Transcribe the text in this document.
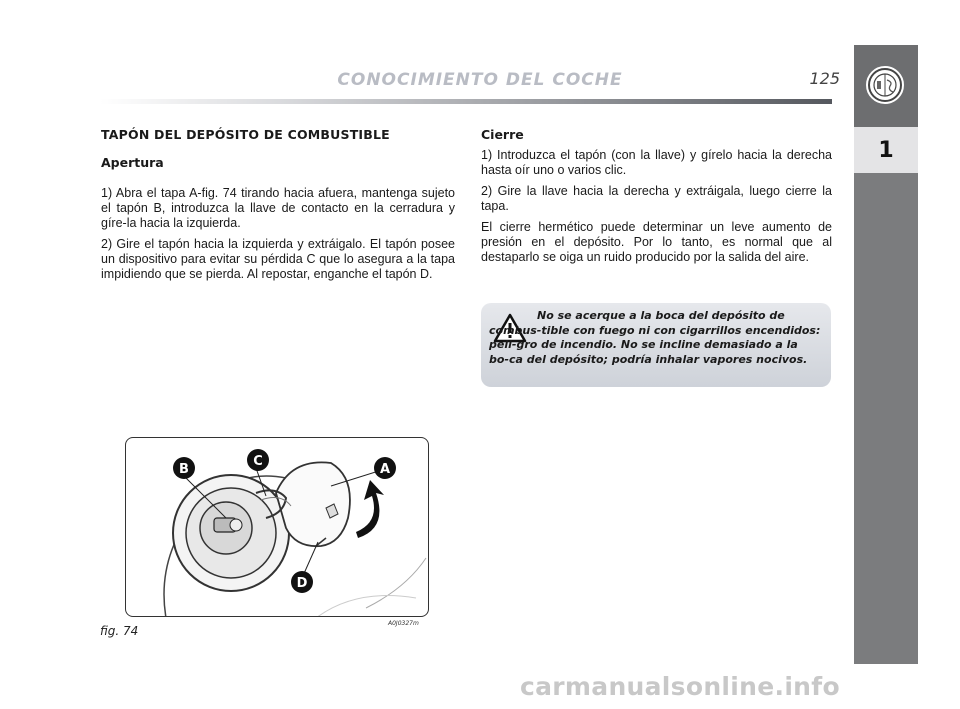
CONOCIMIENTO DEL COCHE	125
1
TAPÓN DEL DEPÓSITO DE COMBUSTIBLE
Apertura

1) Abra el tapa A-fig. 74 tirando hacia afuera, mantenga sujeto el tapón B, introduzca la llave de contacto en la cerradura y gíre-la hacia la izquierda.

2) Gire el tapón hacia la izquierda y extráigalo. El tapón posee un dispositivo para evitar su pérdida C que lo asegura a la tapa impidiendo que se pierda. Al repostar, enganche el tapón D.

Cierre

1) Introduzca el tapón (con la llave) y gírelo hacia la derecha hasta oír uno o varios clic.

2) Gire la llave hacia la derecha y extráigala, luego cierre la tapa.

El cierre hermético puede determinar un leve aumento de presión en el depósito. Por lo tanto, es normal que al destaparlo se oiga un ruido producido por la salida del aire.

No se acerque a la boca del depósito de combus-tible con fuego ni con cigarrillos encendidos: peli-gro de incendio. No se incline demasiado a la bo-ca del depósito; podría inhalar vapores nocivos.
B
C
A
D
fig. 74
A0J0327m
carmanualsonline.info
